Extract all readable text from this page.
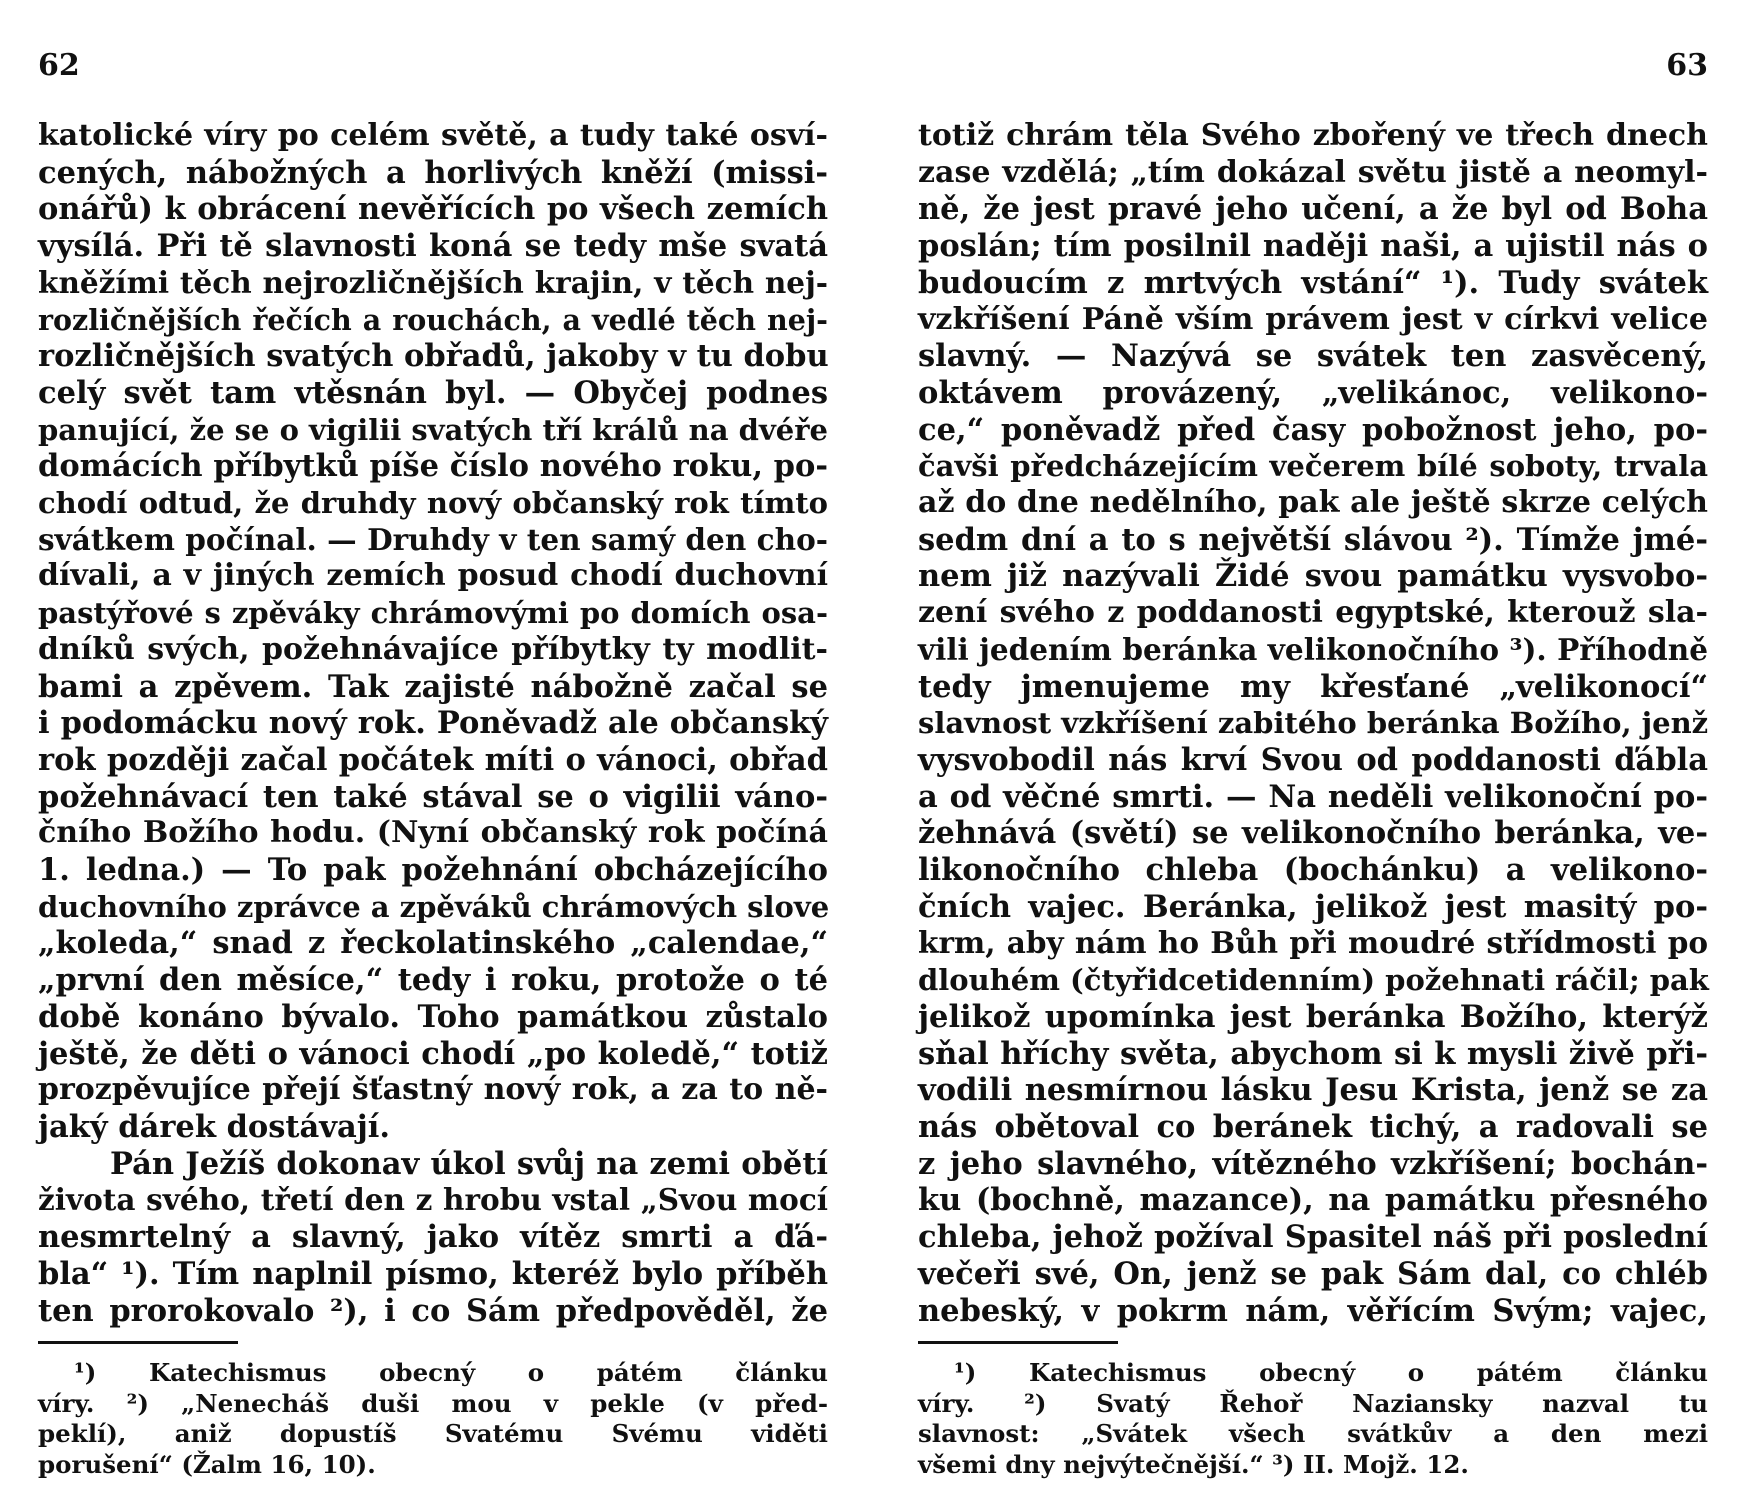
62
katolické víry po celém světě, a tudy také osví-
cených, nábožných a horlivých kněží (missi-
onářů) k obrácení nevěřících po všech zemích
vysílá. Při tě slavnosti koná se tedy mše svatá
kněžími těch nejrozličnějších krajin, v těch nej-
rozličnějších řečích a rouchách, a vedlé těch nej-
rozličnějších svatých obřadů, jakoby v tu dobu
celý svět tam vtěsnán byl. — Obyčej podnes
panující, že se o vigilii svatých tří králů na dvéře
domácích příbytků píše číslo nového roku, po-
chodí odtud, že druhdy nový občanský rok tímto
svátkem počínal. — Druhdy v ten samý den cho-
dívali, a v jiných zemích posud chodí duchovní
pastýřové s zpěváky chrámovými po domích osa-
dníků svých, požehnávajíce příbytky ty modlit-
bami a zpěvem. Tak zajisté nábožně začal se
i podomácku nový rok. Poněvadž ale občanský
rok později začal počátek míti o vánoci, obřad
požehnávací ten také stával se o vigilii váno-
čního Božího hodu. (Nyní občanský rok počíná
1. ledna.) — To pak požehnání obcházejícího
duchovního zprávce a zpěváků chrámových slove
„koleda,“ snad z řeckolatinského „calendae,“
„první den měsíce,“ tedy i roku, protože o té
době konáno bývalo. Toho památkou zůstalo
ještě, že děti o vánoci chodí „po koledě,“ totiž
prozpěvujíce přejí šťastný nový rok, a za to ně-
jaký dárek dostávají.
Pán Ježíš dokonav úkol svůj na zemi obětí
života svého, třetí den z hrobu vstal „Svou mocí
nesmrtelný a slavný, jako vítěz smrti a ďá-
bla“ ¹). Tím naplnil písmo, kteréž bylo příběh
ten prorokovalo ²), i co Sám předpověděl, že
¹) Katechismus obecný o pátém článku
víry. ²) „Nenecháš duši mou v pekle (v před-
peklí), aniž dopustíš Svatému Svému viděti
porušení“ (Žalm 16, 10).
63
totiž chrám těla Svého zbořený ve třech dnech
zase vzdělá; „tím dokázal světu jistě a neomyl-
ně, že jest pravé jeho učení, a že byl od Boha
poslán; tím posilnil naději naši, a ujistil nás o
budoucím z mrtvých vstání“ ¹). Tudy svátek
vzkříšení Páně vším právem jest v církvi velice
slavný. — Nazývá se svátek ten zasvěcený,
oktávem provázený, „velikánoc, velikono-
ce,“ poněvadž před časy pobožnost jeho, po-
čavši předcházejícím večerem bílé soboty, trvala
až do dne nedělního, pak ale ještě skrze celých
sedm dní a to s největší slávou ²). Tímže jmé-
nem již nazývali Židé svou památku vysvobo-
zení svého z poddanosti egyptské, kterouž sla-
vili jedením beránka velikonočního ³). Příhodně
tedy jmenujeme my křesťané „velikonocí“
slavnost vzkříšení zabitého beránka Božího, jenž
vysvobodil nás krví Svou od poddanosti ďábla
a od věčné smrti. — Na neděli velikonoční po-
žehnává (světí) se velikonočního beránka, ve-
likonočního chleba (bochánku) a velikono-
čních vajec. Beránka, jelikož jest masitý po-
krm, aby nám ho Bůh při moudré střídmosti po
dlouhém (čtyřidcetidenním) požehnati ráčil; pak
jelikož upomínka jest beránka Božího, kterýž
sňal hříchy světa, abychom si k mysli živě při-
vodili nesmírnou lásku Jesu Krista, jenž se za
nás obětoval co beránek tichý, a radovali se
z jeho slavného, vítězného vzkříšení; bochán-
ku (bochně, mazance), na památku přesného
chleba, jehož požíval Spasitel náš při poslední
večeři své, On, jenž se pak Sám dal, co chléb
nebeský, v pokrm nám, věřícím Svým; vajec,
¹) Katechismus obecný o pátém článku
víry. ²) Svatý Řehoř Naziansky nazval tu
slavnost: „Svátek všech svátkův a den mezi
všemi dny nejvýtečnější.“ ³) II. Mojž. 12.
